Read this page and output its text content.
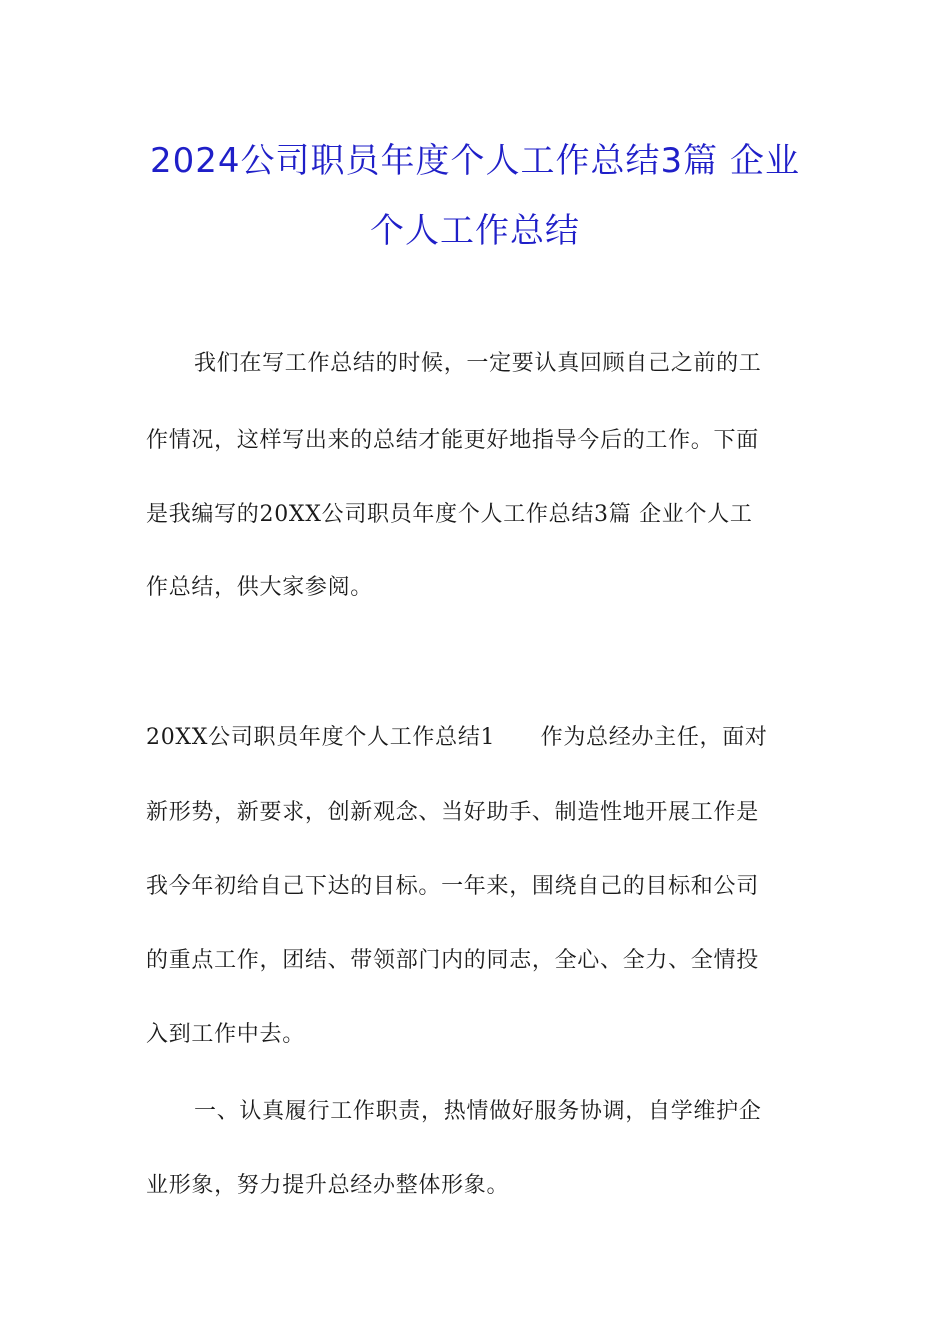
2024公司职员年度个人工作总结3篇 企业
个人工作总结
我们在写工作总结的时候，一定要认真回顾自己之前的工
作情况，这样写出来的总结才能更好地指导今后的工作。下面
是我编写的20XX公司职员年度个人工作总结3篇 企业个人工
作总结，供大家参阅。
20XX公司职员年度个人工作总结1　　作为总经办主任，面对
新形势，新要求，创新观念、当好助手、制造性地开展工作是
我今年初给自己下达的目标。一年来，围绕自己的目标和公司
的重点工作，团结、带领部门内的同志，全心、全力、全情投
入到工作中去。
一、认真履行工作职责，热情做好服务协调，自学维护企
业形象，努力提升总经办整体形象。
